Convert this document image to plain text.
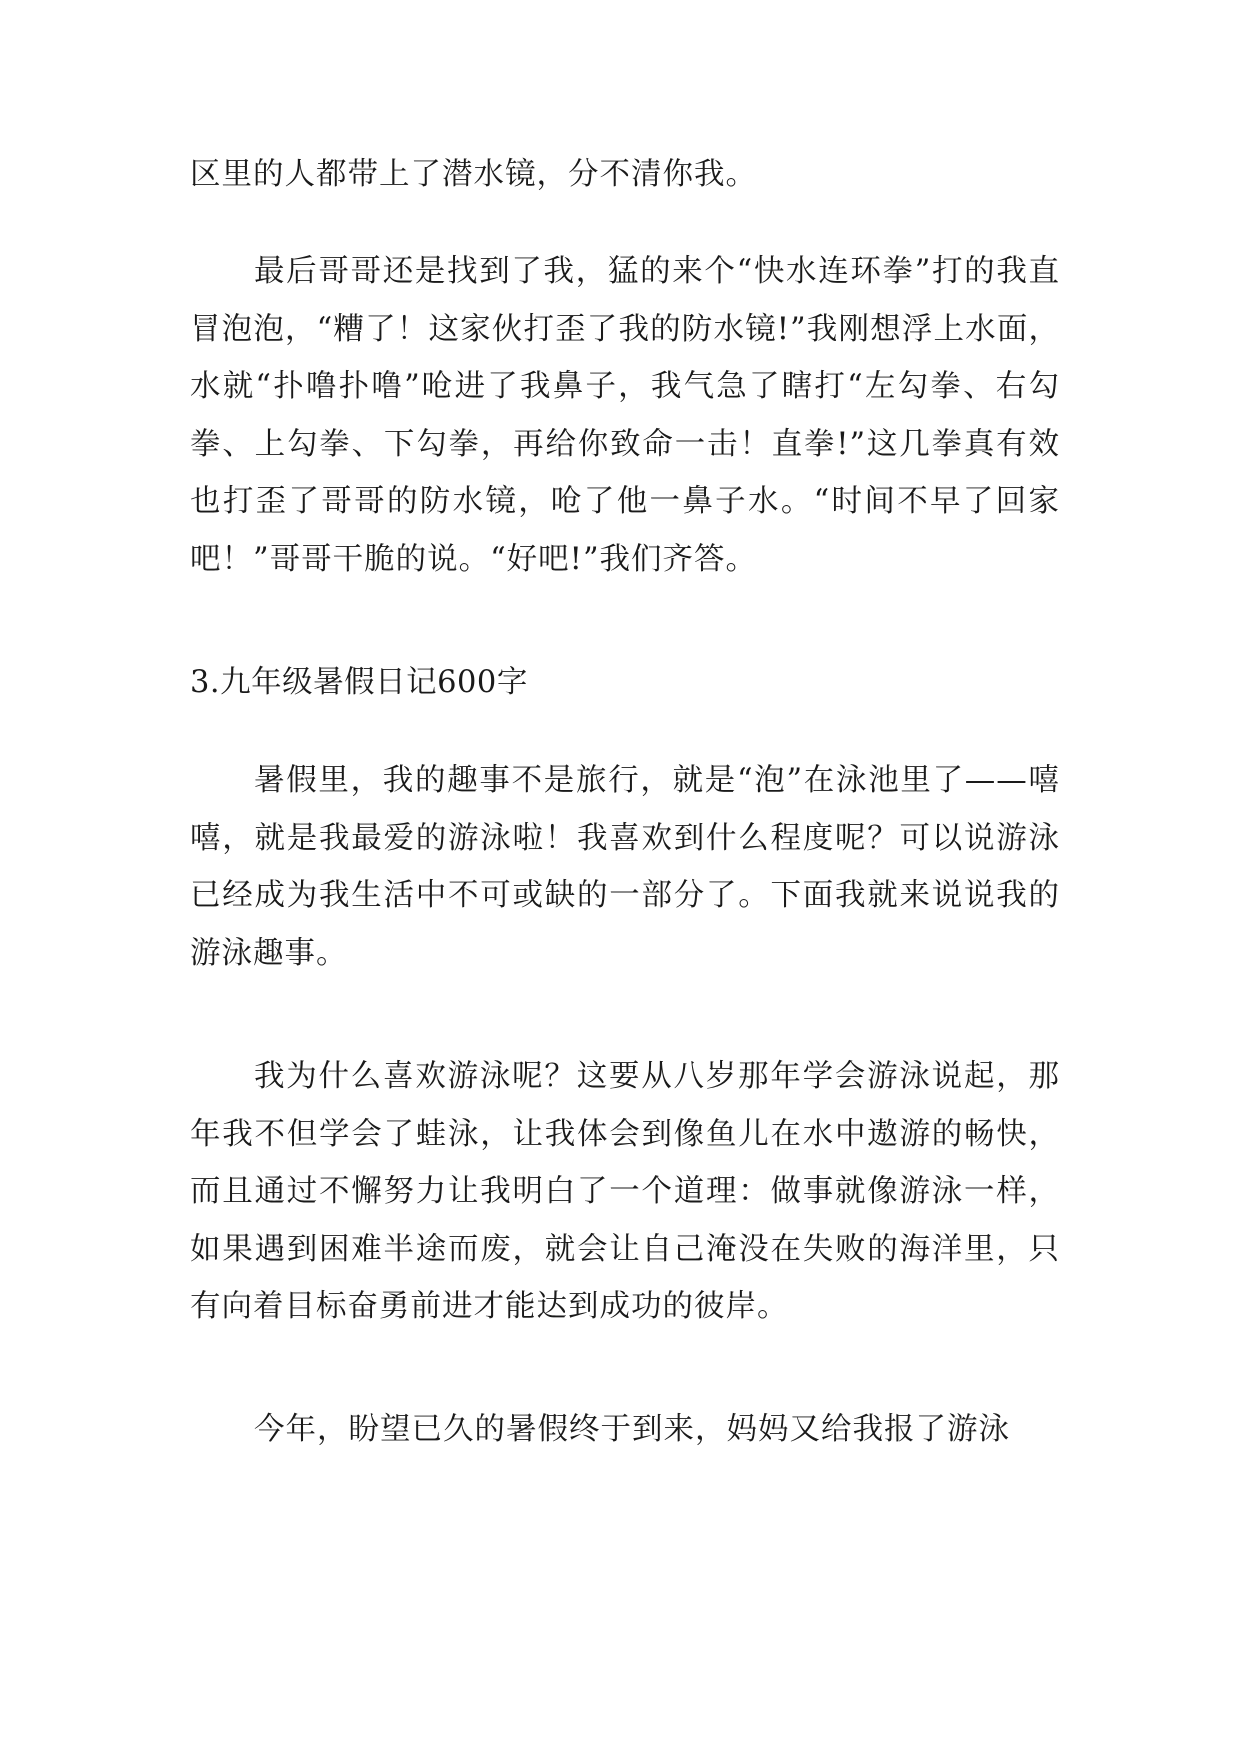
区里的人都带上了潜水镜，分不清你我。

最后哥哥还是找到了我，猛的来个“快水连环拳”打的我直冒泡泡，“糟了！这家伙打歪了我的防水镜!”我刚想浮上水面，水就“扑噜扑噜”呛进了我鼻子，我气急了瞎打“左勾拳、右勾拳、上勾拳、下勾拳，再给你致命一击！直拳!”这几拳真有效也打歪了哥哥的防水镜，呛了他一鼻子水。“时间不早了回家吧！”哥哥干脆的说。“好吧!”我们齐答。

3.九年级暑假日记600字

暑假里，我的趣事不是旅行，就是“泡”在泳池里了——嘻嘻，就是我最爱的游泳啦！我喜欢到什么程度呢？可以说游泳已经成为我生活中不可或缺的一部分了。下面我就来说说我的游泳趣事。

我为什么喜欢游泳呢？这要从八岁那年学会游泳说起，那年我不但学会了蛙泳，让我体会到像鱼儿在水中遨游的畅快，而且通过不懈努力让我明白了一个道理：做事就像游泳一样，如果遇到困难半途而废，就会让自己淹没在失败的海洋里，只有向着目标奋勇前进才能达到成功的彼岸。

今年，盼望已久的暑假终于到来，妈妈又给我报了游泳
